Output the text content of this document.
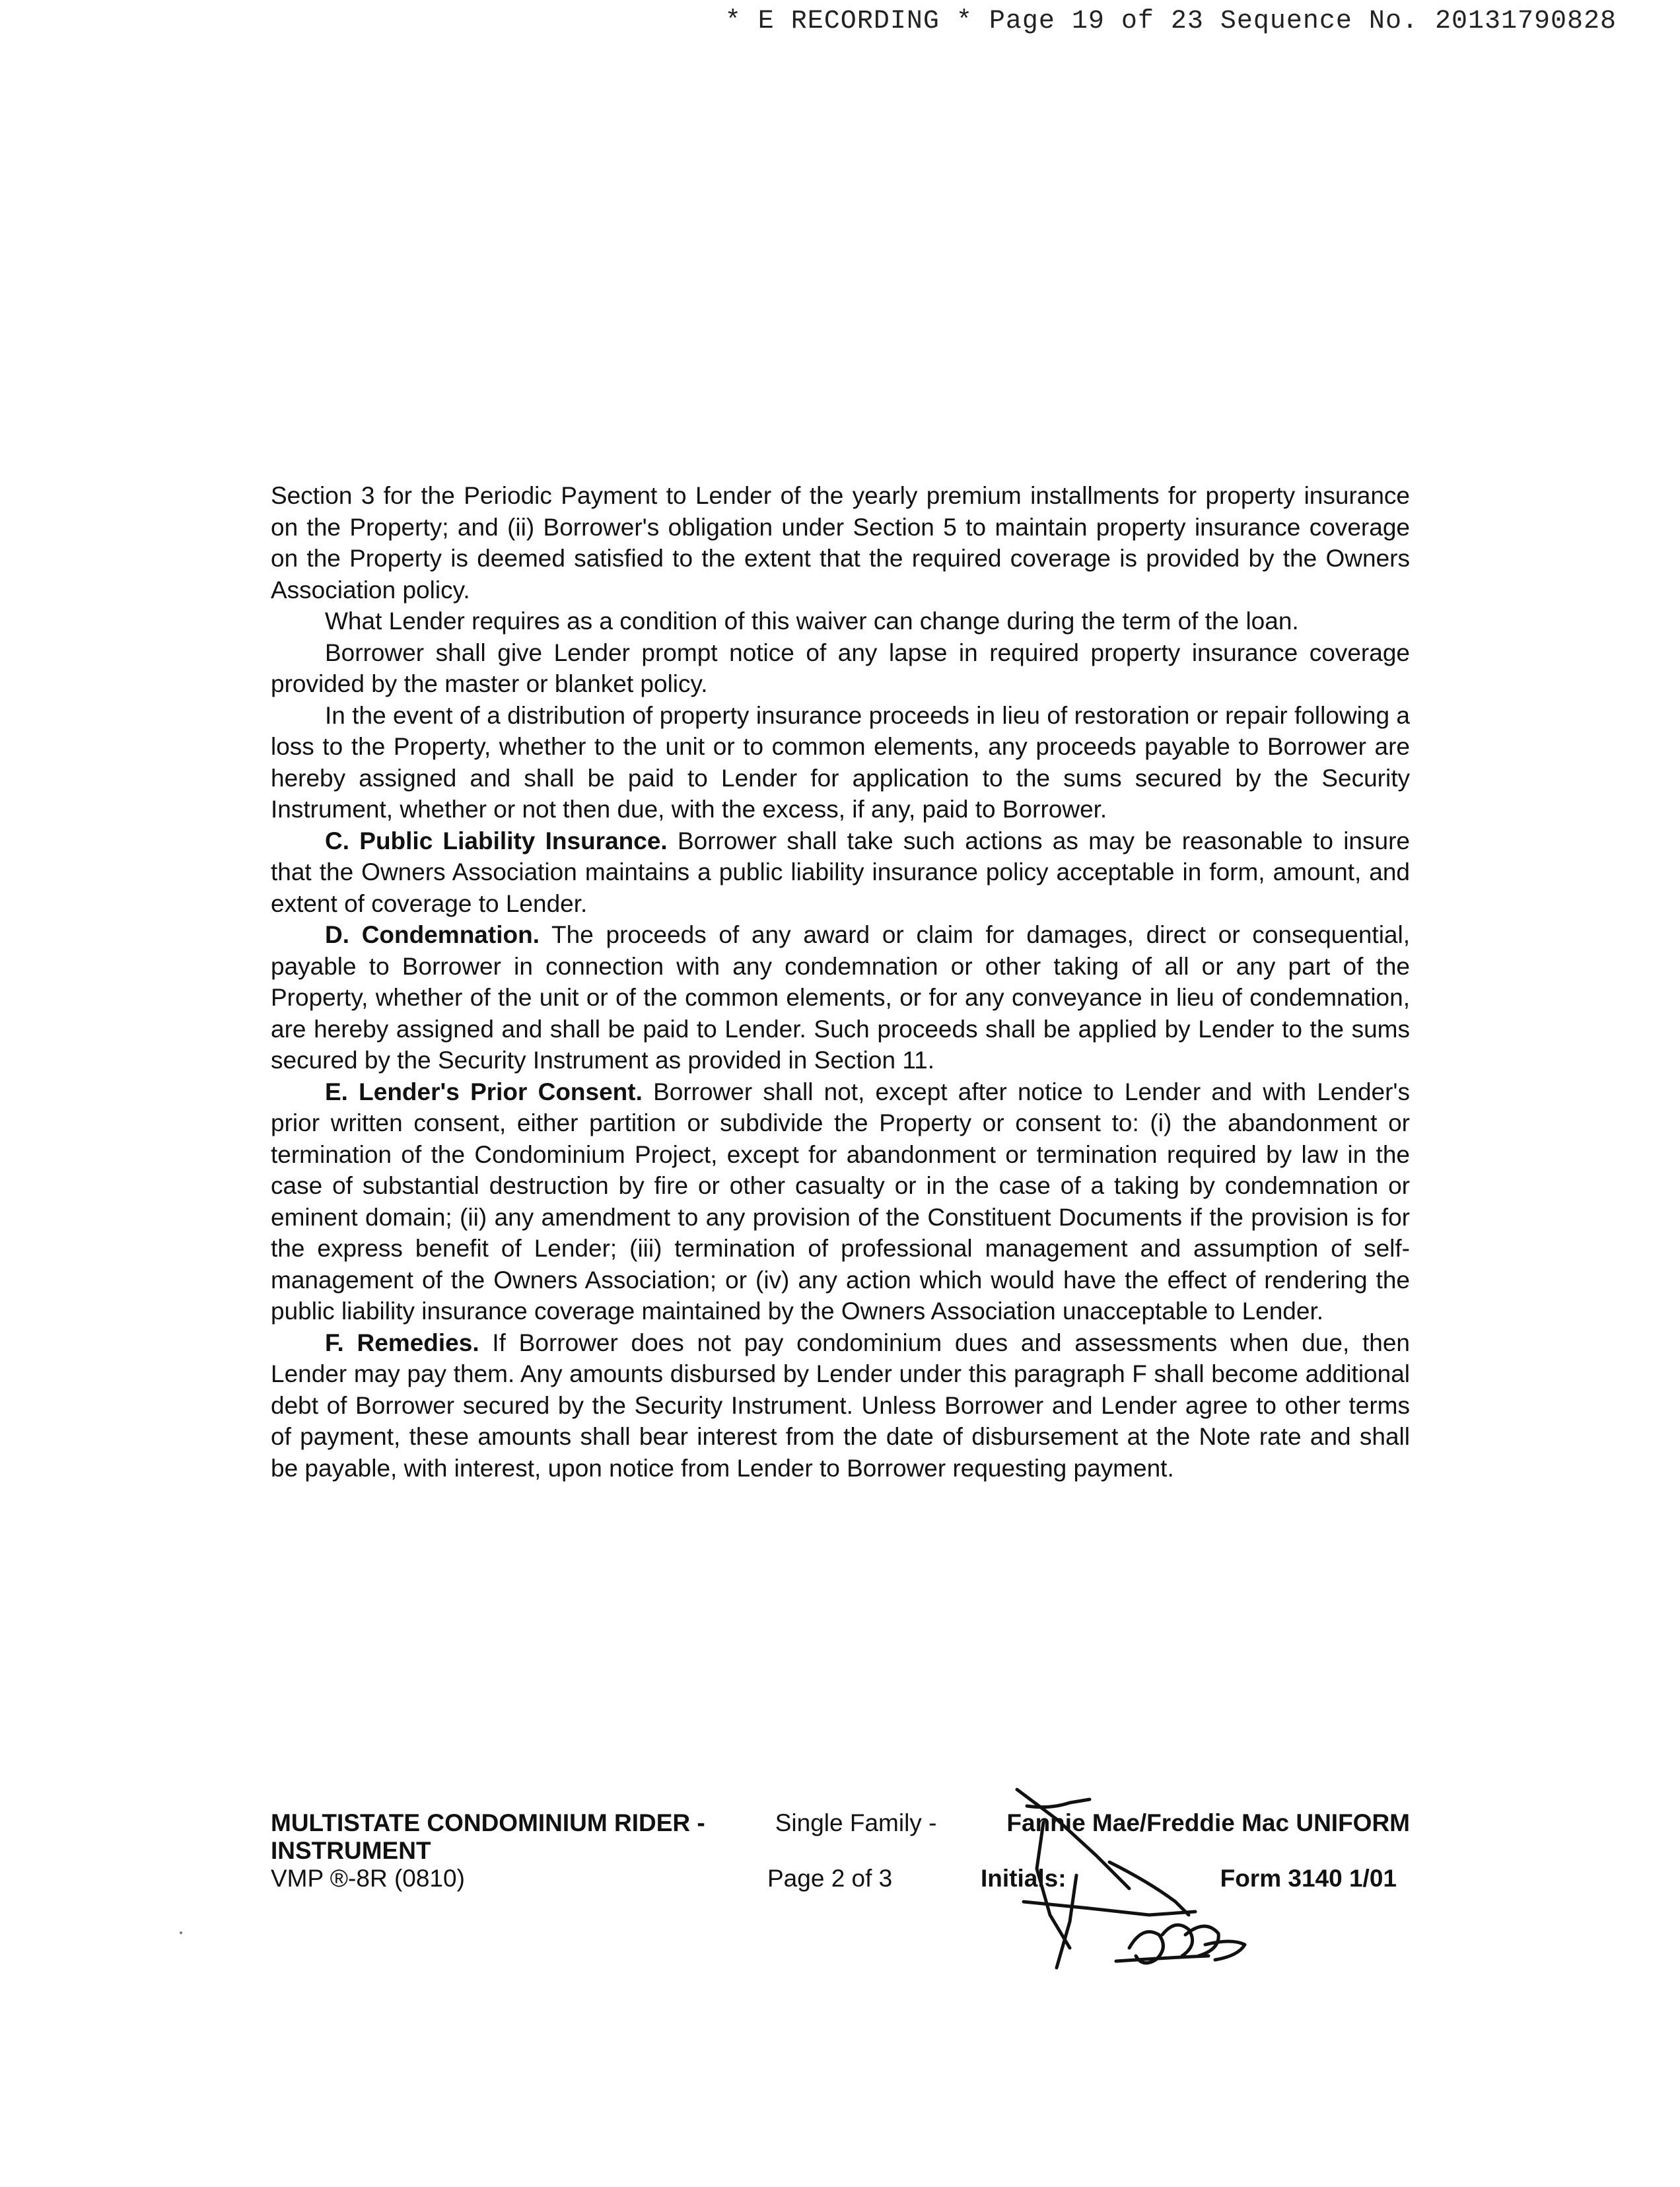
* E RECORDING * Page 19 of 23 Sequence No. 20131790828

Section 3 for the Periodic Payment to Lender of the yearly premium installments for property insurance on the Property; and (ii) Borrower's obligation under Section 5 to maintain property insurance coverage on the Property is deemed satisfied to the extent that the required coverage is provided by the Owners Association policy.

What Lender requires as a condition of this waiver can change during the term of the loan.

Borrower shall give Lender prompt notice of any lapse in required property insurance coverage provided by the master or blanket policy.

In the event of a distribution of property insurance proceeds in lieu of restoration or repair following a loss to the Property, whether to the unit or to common elements, any proceeds payable to Borrower are hereby assigned and shall be paid to Lender for application to the sums secured by the Security Instrument, whether or not then due, with the excess, if any, paid to Borrower.

C. Public Liability Insurance. Borrower shall take such actions as may be reasonable to insure that the Owners Association maintains a public liability insurance policy acceptable in form, amount, and extent of coverage to Lender.

D. Condemnation. The proceeds of any award or claim for damages, direct or consequential, payable to Borrower in connection with any condemnation or other taking of all or any part of the Property, whether of the unit or of the common elements, or for any conveyance in lieu of condemnation, are hereby assigned and shall be paid to Lender. Such proceeds shall be applied by Lender to the sums secured by the Security Instrument as provided in Section 11.

E. Lender's Prior Consent. Borrower shall not, except after notice to Lender and with Lender's prior written consent, either partition or subdivide the Property or consent to: (i) the abandonment or termination of the Condominium Project, except for abandonment or termination required by law in the case of substantial destruction by fire or other casualty or in the case of a taking by condemnation or eminent domain; (ii) any amendment to any provision of the Constituent Documents if the provision is for the express benefit of Lender; (iii) termination of professional management and assumption of self-management of the Owners Association; or (iv) any action which would have the effect of rendering the public liability insurance coverage maintained by the Owners Association unacceptable to Lender.

F. Remedies. If Borrower does not pay condominium dues and assessments when due, then Lender may pay them. Any amounts disbursed by Lender under this paragraph F shall become additional debt of Borrower secured by the Security Instrument. Unless Borrower and Lender agree to other terms of payment, these amounts shall bear interest from the date of disbursement at the Note rate and shall be payable, with interest, upon notice from Lender to Borrower requesting payment.

MULTISTATE CONDOMINIUM RIDER -	Single Family -	Fannie Mae/Freddie Mac UNIFORM
INSTRUMENT
VMP ®-8R (0810)	Page 2 of 3	Initials:	Form 3140 1/01
